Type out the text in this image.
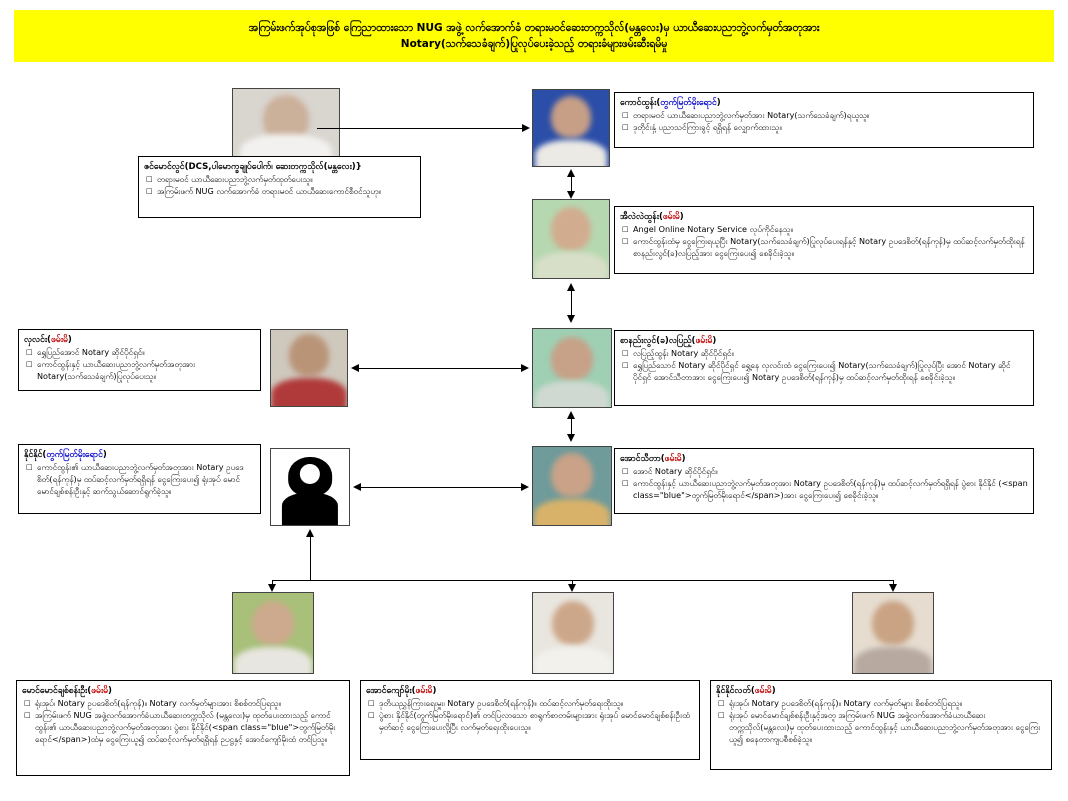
အကြမ်းဖက်အုပ်စုအဖြစ် ကြေညာထားသော NUG အဖွဲ့ လက်အောက်ခံ တရားမဝင်ဆေးတက္ကသိုလ်(မန္တလေး)မှ ယာယီဆေးပညာဘွဲ့လက်မှတ်အတုအား
Notary(သက်သေခံချက်)ပြုလုပ်ပေးခဲ့သည့် တရားခံများဖမ်းဆီးရမိမှု
ဇင်မောင်လွင်(DCS,ပါမောက္ခချုပ်ပေါက်၊ ဆေးတက္ကသိုလ်(မန္တလေး)}
□ တရားမဝင် ယာယီဆေးပညာဘွဲ့လက်မှတ်ထုတ်ပေးသူ။
□ အကြမ်းဖက် NUG လက်အောက်ခံ တရားမဝင် ယာယီဆေးကောင်စီဝင်သူဟု။
ကောင်ထွန်း(တွက်မြတ်မိုးရောင်)
□ တရားမဝင် ယာယီဆေးပညာဘွဲ့လက်မှတ်အား Notary(သက်သေခံချက်)ရယူသူ။
□ ဒုတိုင်းနှံ့ ပညာသင်ကြားခွင့် ရရှိရန် လျှောက်ထားသူ။
အီလဲလဲထွန်း(ဖမ်းမိ)
□ Angel Online Notary Service လုပ်ကိုင်နေသူ။
□ ကောင်ထွန်းထံမှ ငွေကြေးရယူပြီး Notary(သက်သေခံချက်)ပြုလုပ်ပေးရန်နှင့် Notary ဥပဒေစိတ်(ရန်ကုန်)မှ ထပ်ဆင့်လက်မှတ်ထိုးရန် စာနည်းလွင်(ခ)လပြည့်အား ငွေကြေးပေး၍ စေခိုင်းခဲ့သူ။
စာနည်းလွင်(ခ)လပြည့်(ဖမ်းမိ)
□ လပြည့်ထွန်း Notary ဆိုင်ပိုင်ရှင်။
□ ရွှေပြည်သောင် Notary ဆိုင်ပိုင်ရှင် ရွှေ့နေ လှလင်းထံ ငွေကြေးပေး၍ Notary(သက်သေခံချက်)ပြုလုပ်ပြီး အောင် Notary ဆိုင်ပိုင်ရှင် အောင်သီတာအား ငွေကြေးပေး၍ Notary ဥပဒေစိတ်(ရန်ကုန်)မှ ထပ်ဆင့်လက်မှတ်ထိုးရန် စေခိုင်းခဲ့သူ။
လှလင်း(ဖမ်းမိ)
□ ရွှေပြည်အောင် Notary ဆိုင်ပိုင်ရှင်။
□ ကောင်ထွန်းနှင့် ယာယီဆေးပညာဘွဲ့လက်မှတ်အတုအား Notary(သက်သေခံချက်)ပြုလုပ်ပေးသူ။
အောင်သီတာ(ဖမ်းမိ)
□ အောင် Notary ဆိုင်ပိုင်ရှင်။
□ ကောင်ထွန်းနှင့် ယာယီဆေးပညာဘွဲ့လက်မှတ်အတုအား Notary ဥပဒေစိတ်(ရန်ကုန်)မှ ထပ်ဆင့်လက်မှတ်ရရှိရန် ပွဲစား နိုင်နိုင် (<span class="blue">တွက်မြတ်မိုးရောင်</span>)အား ငွေကြေးပေး၍ စေခိုင်းခဲ့သူ။
နိုင်နိုင်(တွက်မြတ်မိုးရောင်)
□ ကောင်ထွန်း၏ ယာယီဆေးပညာဘွဲ့လက်မှတ်အတုအား Notary ဥပဒေစိတ်(ရန်ကုန်)မှ ထပ်ဆင့်လက်မှတ်ရရှိရန် ငွေကြေးပေး၍ ရုံးအုပ် မောင်မောင်ချစ်စန်းဦးနှင့် ဆက်သွယ်ဆောင်ရွက်ခဲ့သူ။
မောင်မောင်ချစ်စန်းဦး(ဖမ်းမိ)
□ ရုံးအုပ်၊ Notary ဥပဒေစိတ်(ရန်ကုန်)။ Notary လက်မှတ်များအား စိစစ်တင်ပြရသူ။
□ အကြမ်းဖက် NUG အဖွဲ့လက်အောက်ခံယာယီဆေးတက္ကသိုလ် (မန္တလေး)မှ ထုတ်ပေးထားသည့် ကောင်ထွန်း၏ ယာယီဆေးပညာဘွဲ့လက်မှတ်အတုအား ပွဲစား နိုင်နိုင်(<span class="blue">တွက်မြတ်မိုးရောင်</span>)ထံမှ ငွေကြေးယူ၍ ထပ်ဆင့်လက်မှတ်ရရှိရန် ဉပဋ္ဌနှင့် အောင်ကျော်မိုးထံ တင်ပြသူ။
အောင်ကျော်မိုး(ဖမ်းမိ)
□ ဒုတိယညွှန်ကြားရေးမှူး၊ Notary ဥပဒေစိတ်(ရန်ကုန်)။ ထပ်ဆင့်လက်မှတ်ရေးထိုးသူ။
□ ပွဲစား နိုင်နိုင်(တွက်မြတ်မိုးရောင်)၏ တင်ပြလာသော စာရွက်စာတမ်းများအား ရုံးအုပ် မောင်မောင်ချစ်စန်းဦးထံမှတ်ဆင့် ငွေကြေးပေးလို့ပြီး လက်မှတ်ရေးထိုးပေးသူ။
နိုင်နိုင်လတ်(ဖမ်းမိ)
□ ရုံးအုပ်၊ Notary ဥပဒေစိတ်(ရန်ကုန်)။ Notary လက်မှတ်များ စိစစ်တင်ပြရသူ။
□ ရုံးအုပ် မောင်မောင်ချစ်စန်းဦးနှင့်အတူ အကြမ်းဖက် NUG အဖွဲ့လက်အောက်ခံယာယီဆေးတက္ကသိုလ်(မန္တလေး)မှ ထုတ်ပေးထားသည့် ကောင်ထွန်းနှင့် ယာယီဆေးပညာဘွဲ့လက်မှတ်အတုအား ငွေကြေးယူ၍ စနေတာကျပစီစစ်ခဲ့သူ။
